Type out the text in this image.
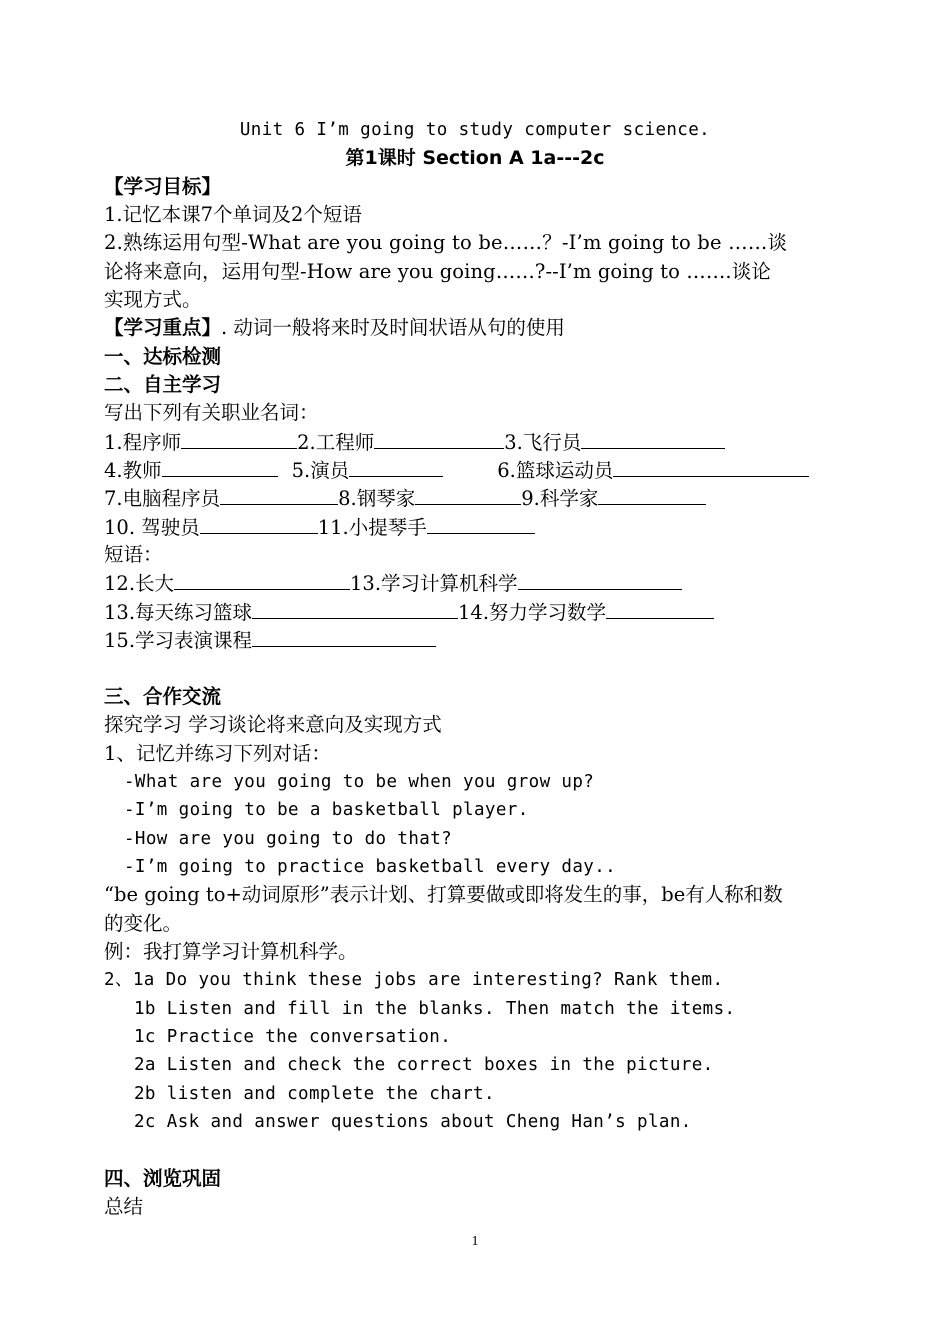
Unit 6 I’m going to study computer science.
第1课时 Section A 1a---2c
【学习目标】
1.记忆本课7个单词及2个短语
2.熟练运用句型-What are you going to be……？-I’m going to be ……谈
论将来意向，运用句型-How are you going……?--I’m going to …….谈论
实现方式。
【学习重点】. 动词一般将来时及时间状语从句的使用
一、达标检测
二、自主学习
写出下列有关职业名词：
1.程序师	2.工程师	3.飞行员
4.教师	5.演员	6.篮球运动员
7.电脑程序员	8.钢琴家	9.科学家
10. 驾驶员	11.小提琴手
短语：
12.长大	13.学习计算机科学
13.每天练习篮球	14.努力学习数学
15.学习表演课程
三、合作交流
探究学习 学习谈论将来意向及实现方式
1、记忆并练习下列对话：
-What are you going to be when you grow up?
-I’m going to be a basketball player.
-How are you going to do that?
-I’m going to practice basketball every day..
“be going to+动词原形”表示计划、打算要做或即将发生的事，be有人称和数
的变化。
例：我打算学习计算机科学。
2、1a Do you think these jobs are interesting? Rank them.
1b Listen and fill in the blanks. Then match the items.
1c Practice the conversation.
2a Listen and check the correct boxes in the picture.
2b listen and complete the chart.
2c Ask and answer questions about Cheng Han’s plan.
四、浏览巩固
总结
1
